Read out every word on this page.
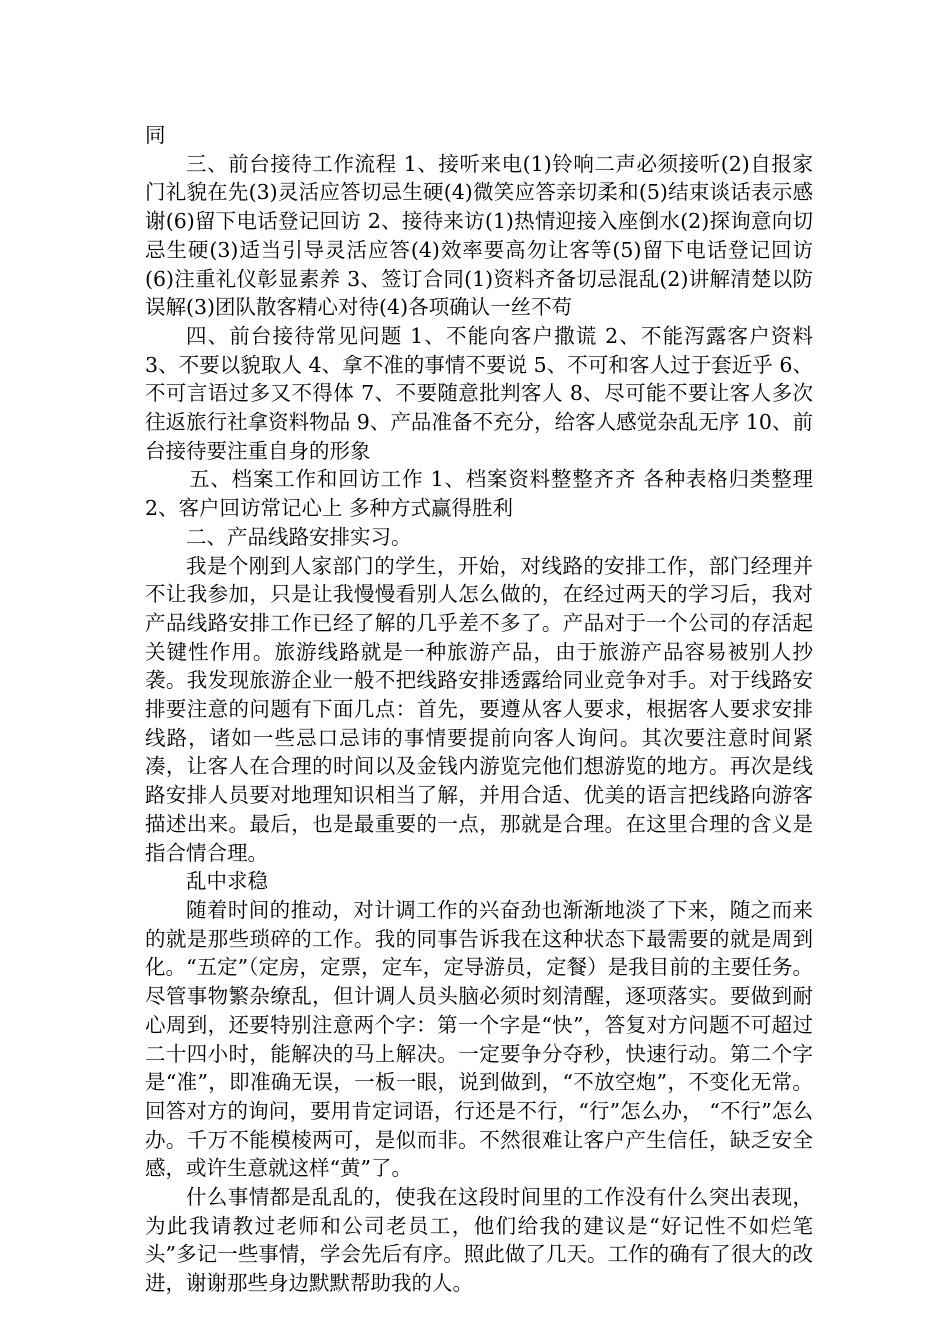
同

三、前台接待工作流程 1、接听来电(1)铃响二声必须接听(2)自报家门礼貌在先(3)灵活应答切忌生硬(4)微笑应答亲切柔和(5)结束谈话表示感谢(6)留下电话登记回访 2、接待来访(1)热情迎接入座倒水(2)探询意向切忌生硬(3)适当引导灵活应答(4)效率要高勿让客等(5)留下电话登记回访(6)注重礼仪彰显素养 3、签订合同(1)资料齐备切忌混乱(2)讲解清楚以防误解(3)团队散客精心对待(4)各项确认一丝不苟

四、前台接待常见问题 1、不能向客户撒谎 2、不能泻露客户资料 3、不要以貌取人 4、拿不准的事情不要说 5、不可和客人过于套近乎 6、不可言语过多又不得体 7、不要随意批判客人 8、尽可能不要让客人多次往返旅行社拿资料物品 9、产品准备不充分，给客人感觉杂乱无序 10、前台接待要注重自身的形象

五、档案工作和回访工作 1、档案资料整整齐齐 各种表格归类整理 2、客户回访常记心上 多种方式赢得胜利

二、产品线路安排实习。

我是个刚到人家部门的学生，开始，对线路的安排工作，部门经理并不让我参加，只是让我慢慢看别人怎么做的，在经过两天的学习后，我对产品线路安排工作已经了解的几乎差不多了。产品对于一个公司的存活起关键性作用。旅游线路就是一种旅游产品，由于旅游产品容易被别人抄袭。我发现旅游企业一般不把线路安排透露给同业竞争对手。对于线路安排要注意的问题有下面几点：首先，要遵从客人要求，根据客人要求安排线路，诸如一些忌口忌讳的事情要提前向客人询问。其次要注意时间紧凑，让客人在合理的时间以及金钱内游览完他们想游览的地方。再次是线路安排人员要对地理知识相当了解，并用合适、优美的语言把线路向游客描述出来。最后，也是最重要的一点，那就是合理。在这里合理的含义是指合情合理。

乱中求稳

随着时间的推动，对计调工作的兴奋劲也渐渐地淡了下来，随之而来的就是那些琐碎的工作。我的同事告诉我在这种状态下最需要的就是周到化。“五定”（定房，定票，定车，定导游员，定餐）是我目前的主要任务。尽管事物繁杂缭乱，但计调人员头脑必须时刻清醒，逐项落实。要做到耐心周到，还要特别注意两个字：第一个字是“快”，答复对方问题不可超过二十四小时，能解决的马上解决。一定要争分夺秒，快速行动。第二个字是“准”，即准确无误，一板一眼，说到做到，“不放空炮”，不变化无常。回答对方的询问，要用肯定词语，行还是不行，“行”怎么办， “不行”怎么办。千万不能模棱两可，是似而非。不然很难让客户产生信任，缺乏安全感，或许生意就这样“黄”了。

什么事情都是乱乱的，使我在这段时间里的工作没有什么突出表现，为此我请教过老师和公司老员工，他们给我的建议是“好记性不如烂笔头”多记一些事情，学会先后有序。照此做了几天。工作的确有了很大的改进，谢谢那些身边默默帮助我的人。
